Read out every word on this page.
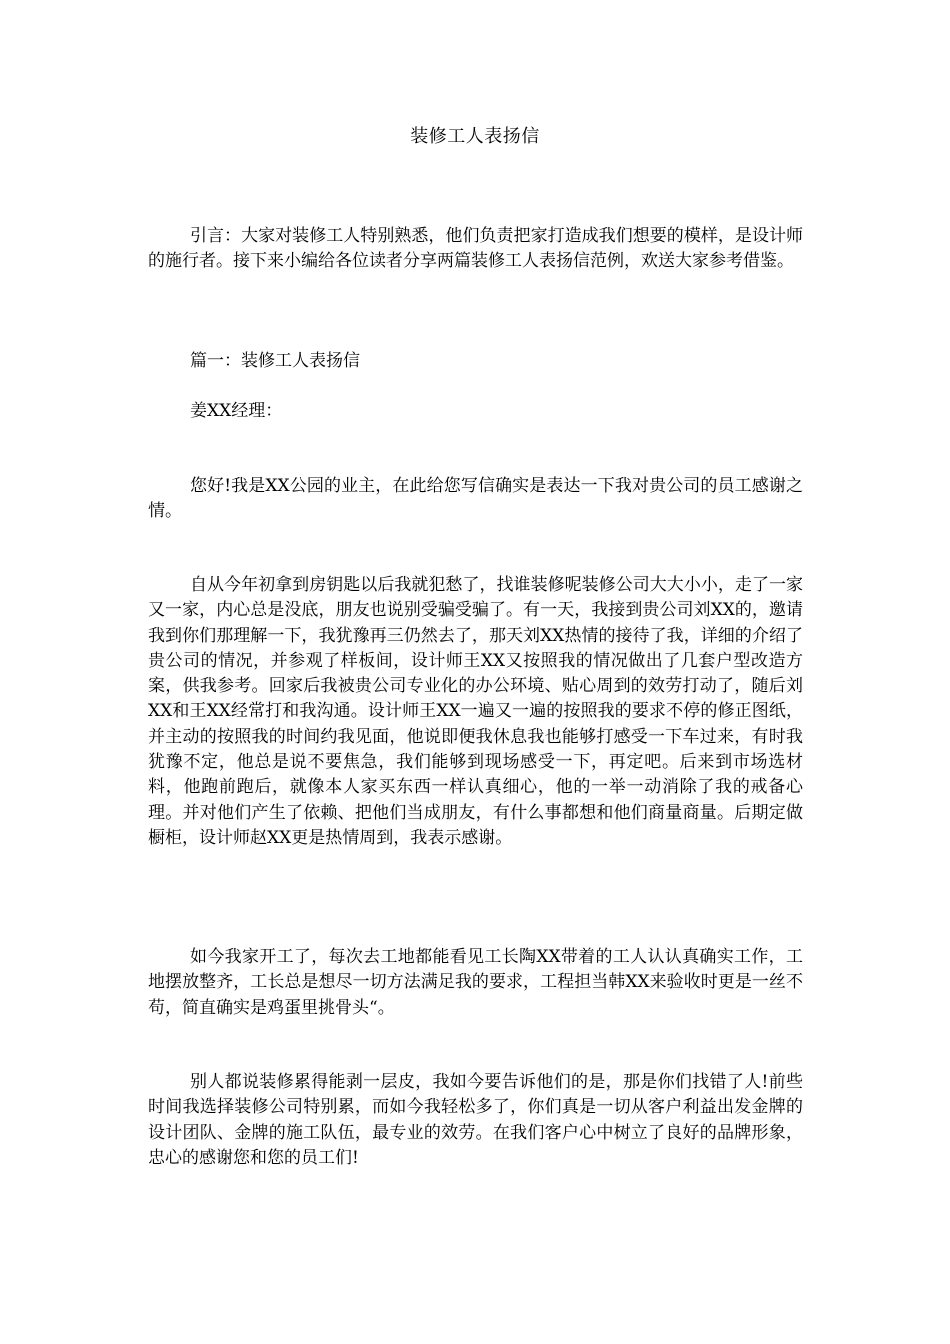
装修工人表扬信

引言：大家对装修工人特别熟悉，他们负责把家打造成我们想要的模样，是设计师的施行者。接下来小编给各位读者分享两篇装修工人表扬信范例，欢送大家参考借鉴。

篇一：装修工人表扬信

姜XX经理：

您好!我是XX公园的业主，在此给您写信确实是表达一下我对贵公司的员工感谢之情。

自从今年初拿到房钥匙以后我就犯愁了，找谁装修呢装修公司大大小小，走了一家又一家，内心总是没底，朋友也说别受骗受骗了。有一天，我接到贵公司刘XX的，邀请我到你们那理解一下，我犹豫再三仍然去了，那天刘XX热情的接待了我，详细的介绍了贵公司的情况，并参观了样板间，设计师王XX又按照我的情况做出了几套户型改造方案，供我参考。回家后我被贵公司专业化的办公环境、贴心周到的效劳打动了，随后刘XX和王XX经常打和我沟通。设计师王XX一遍又一遍的按照我的要求不停的修正图纸，并主动的按照我的时间约我见面，他说即便我休息我也能够打感受一下车过来，有时我犹豫不定，他总是说不要焦急，我们能够到现场感受一下，再定吧。后来到市场选材料，他跑前跑后，就像本人家买东西一样认真细心，他的一举一动消除了我的戒备心理。并对他们产生了依赖、把他们当成朋友，有什么事都想和他们商量商量。后期定做橱柜，设计师赵XX更是热情周到，我表示感谢。

如今我家开工了，每次去工地都能看见工长陶XX带着的工人认认真确实工作，工地摆放整齐，工长总是想尽一切方法满足我的要求，工程担当韩XX来验收时更是一丝不苟，简直确实是鸡蛋里挑骨头“。

别人都说装修累得能剥一层皮，我如今要告诉他们的是，那是你们找错了人!前些时间我选择装修公司特别累，而如今我轻松多了，你们真是一切从客户利益出发金牌的设计团队、金牌的施工队伍，最专业的效劳。在我们客户心中树立了良好的品牌形象，忠心的感谢您和您的员工们!
